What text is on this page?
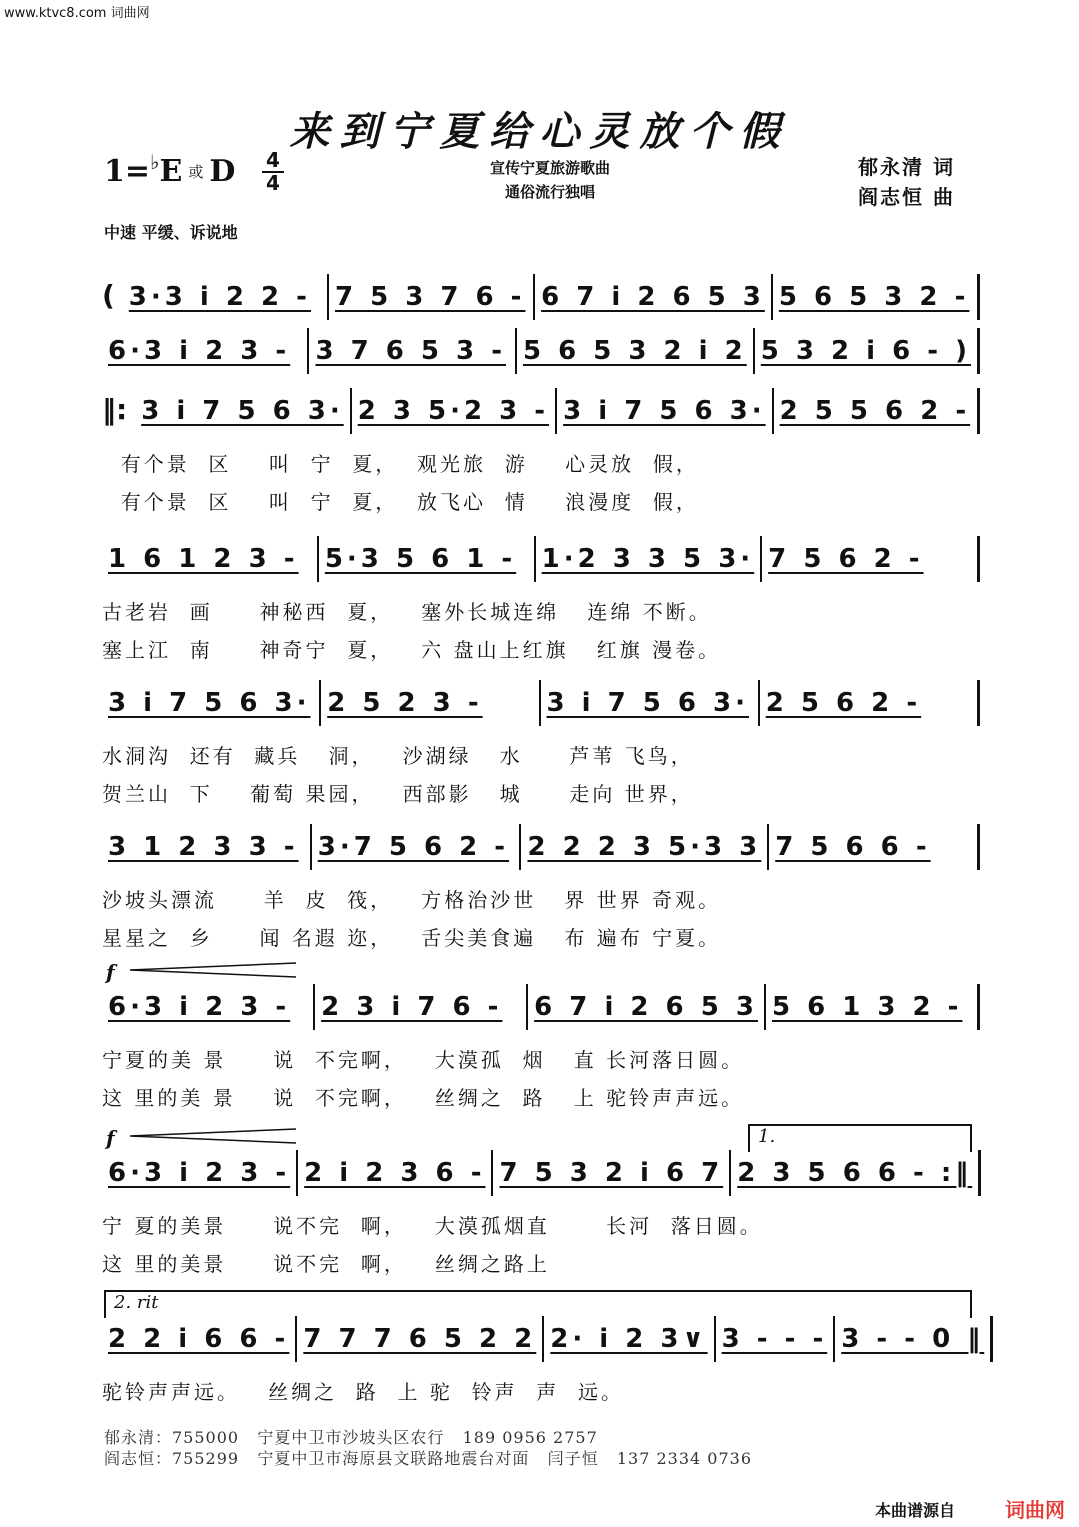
www.ktvc8.com 词曲网
来到宁夏给心灵放个假
1=♭E 或 D	4
4
宣传宁夏旅游歌曲
通俗流行独唱
郁永清 词
阎志恒 曲
中速 平缓、诉说地
( 3·3 i 2 2 - 7 5 3 7 6 - 6 7 i 2 6 5 3 5 6 5 3 2 -
6·3 i 2 3 - 3 7 6 5 3 - 5 6 5 3 2 i 2 5 3 2 i 6 - )
‖: 3 i 7 5 6 3· 2 3 5·2 3 - 3 i 7 5 6 3· 2 5 5 6 2 -
有个景  区    叫  宁  夏，  观光旅  游    心灵放  假，
有个景  区    叫  宁  夏，  放飞心  情    浪漫度  假，
1 6 1 2 3 - 5·3 5 6 1 - 1·2 3 3 5 3· 7 5 6 2 -
古老岩  画     神秘西  夏，   塞外长城连绵   连绵 不断。
塞上江  南     神奇宁  夏，   六 盘山上红旗   红旗 漫卷。
3 i 7 5 6 3· 2 5 2 3 - 3 i 7 5 6 3· 2 5 6 2 -
水洞沟  还有  藏兵   洞，   沙湖绿   水     芦苇 飞鸟，
贺兰山  下    葡萄 果园，   西部影   城     走向 世界，
3 1 2 3 3 - 3·7 5 6 2 - 2 2 2 3 5·3 3 7 5 6 6 -
沙坡头漂流     羊  皮  筏，   方格治沙世   界 世界 奇观。
星星之  乡     闻 名遐 迩，   舌尖美食遍   布 遍布 宁夏。
6·3 i 2 3 - 2 3 i 7 6 - 6 7 i 2 6 5 3 5 6 1 3 2 -
宁夏的美 景     说  不完啊，   大漠孤  烟   直 长河落日圆。
这 里的美 景    说  不完啊，   丝绸之  路   上 驼铃声声远。
f
6·3 i 2 3 - 2 i 2 3 6 - 7 5 3 2 i 6 7 2 3 5 6 6 - :‖
宁 夏的美景     说不完  啊，   大漠孤烟直      长河  落日圆。
这 里的美景     说不完  啊，   丝绸之路上
f	1.
2 2 i 6 6 - 7 7 7 6 5 2 2 2· i 2 3∨ 3 - - - 3 - - 0 ‖
驼铃声声远。   丝绸之  路  上 驼  铃声  声  远。
2. rit
郁永清：755000   宁夏中卫市沙坡头区农行   189 0956 2757
阎志恒：755299   宁夏中卫市海原县文联路地震台对面   闫子恒   137 2334 0736
本曲谱源自	词曲网
